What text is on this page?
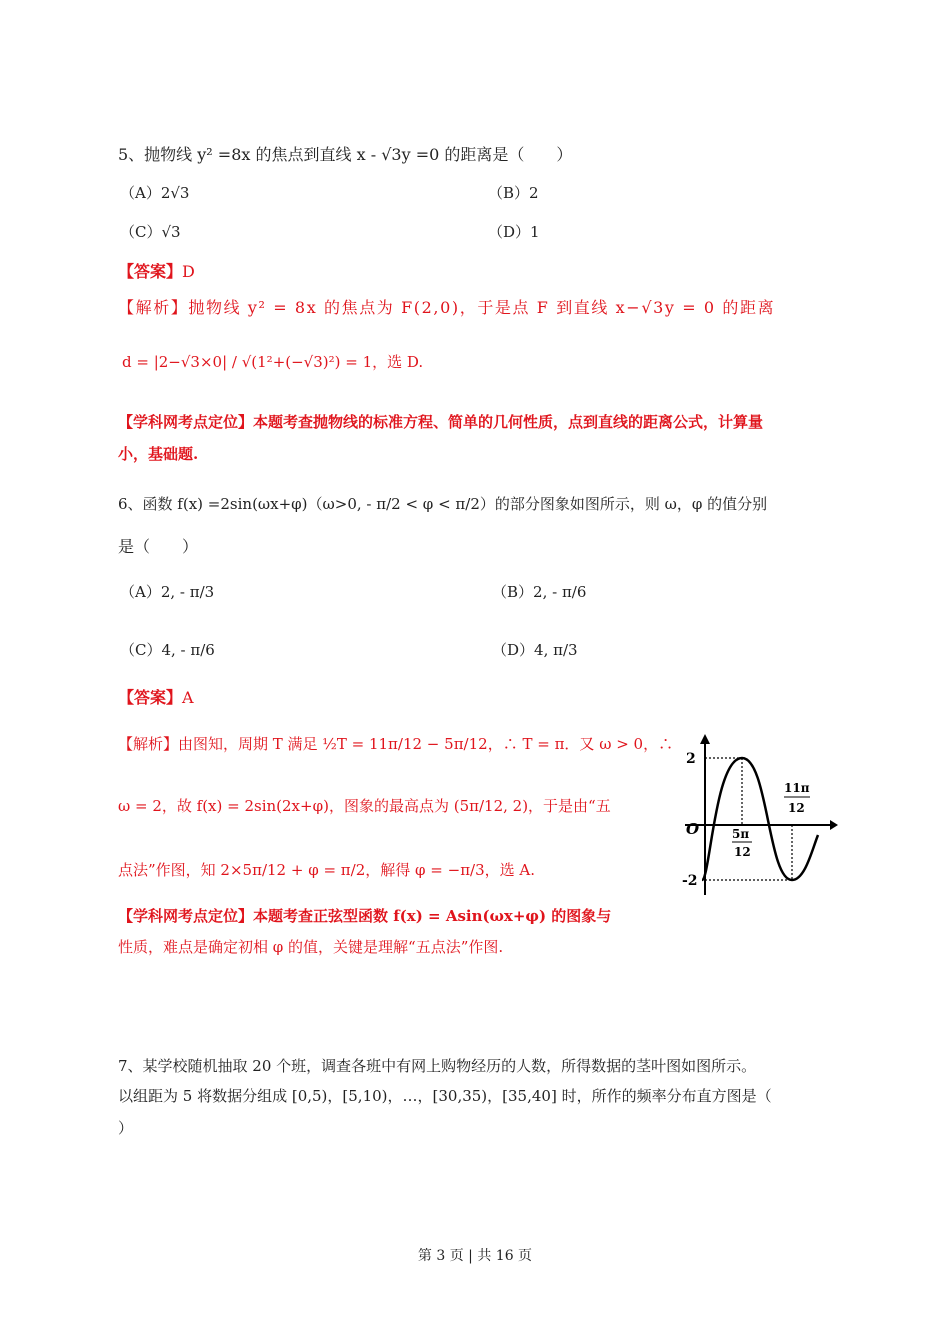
5、抛物线 y² =8x 的焦点到直线 x - √3y =0 的距离是（　　）
（A）2√3	（B）2
（C）√3	（D）1
【答案】D
【解析】抛物线 y² = 8x 的焦点为 F(2,0)，于是点 F 到直线 x−√3y = 0 的距离
d = |2−√3×0| / √(1²+(−√3)²) = 1，选 D.
【学科网考点定位】本题考查抛物线的标准方程、简单的几何性质，点到直线的距离公式，计算量
小，基础题.
6、函数 f(x) =2sin(ωx+φ)（ω>0, - π/2 < φ < π/2）的部分图象如图所示，则 ω，φ 的值分别
是（　　）
（A）2, - π/3	（B）2, - π/6
（C）4, - π/6	（D）4, π/3
【答案】A
【解析】由图知，周期 T 满足 ½T = 11π/12 − 5π/12，∴ T = π．又 ω > 0，∴
ω = 2，故 f(x) = 2sin(2x+φ)，图象的最高点为 (5π/12, 2)，于是由“五
点法”作图，知 2×5π/12 + φ = π/2，解得 φ = −π/3，选 A.
【学科网考点定位】本题考查正弦型函数 f(x) = Asin(ωx+φ) 的图象与
性质，难点是确定初相 φ 的值，关键是理解“五点法”作图.
2
-2
O	5π
12
11π
12
7、某学校随机抽取 20 个班，调查各班中有网上购物经历的人数，所得数据的茎叶图如图所示。
以组距为 5 将数据分组成 [0,5)，[5,10)，…，[30,35)，[35,40] 时，所作的频率分布直方图是（
）
第 3 页 | 共 16 页
